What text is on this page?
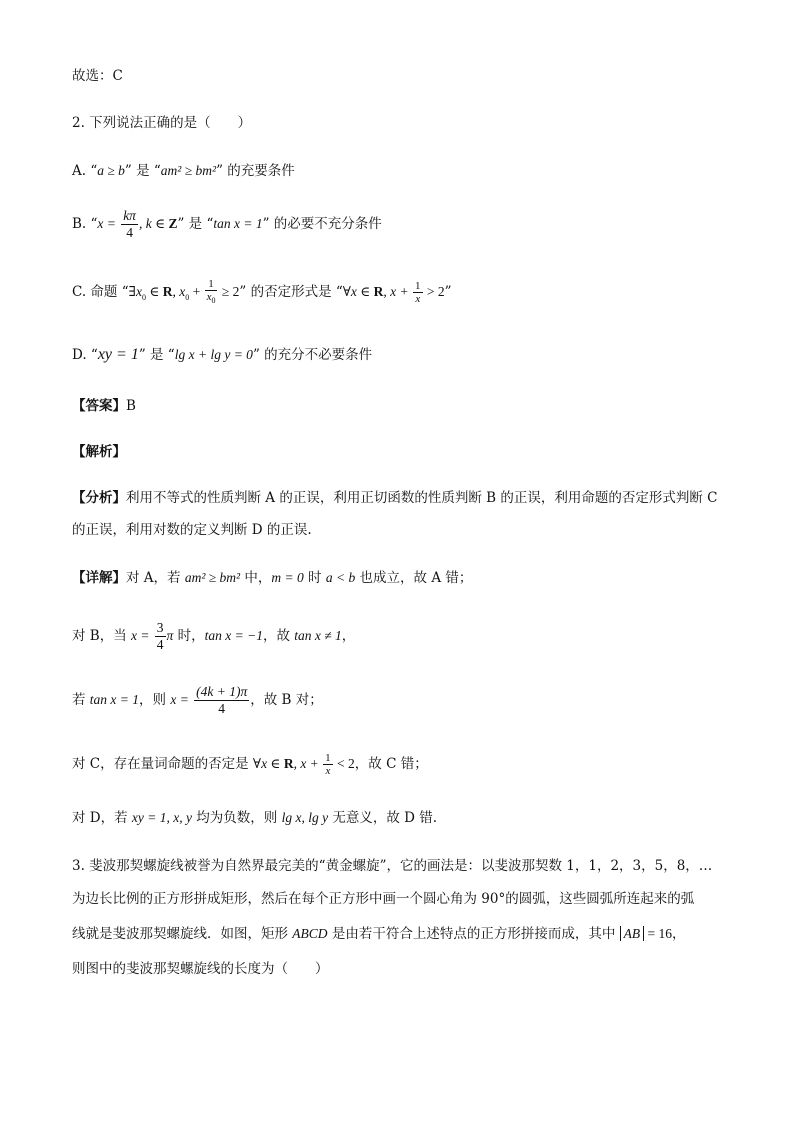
故选：C
2. 下列说法正确的是（　　）
A. “a ≥ b” 是 “am² ≥ bm²” 的充要条件
B. “$x = \frac{k\pi}{4}$ , k ∈ Z” 是 “tan x = 1” 的必要不充分条件
C. 命题 “$\exists x_0$ ∈ R, $x_0 + \frac{1}{x_0} \ge 2$” 的否定形式是 “∀x ∈ R, $x + \frac{1}{x} > 2$”
D. “xy = 1” 是 “lg x + lg y = 0” 的充分不必要条件
【答案】B
【解析】
【分析】利用不等式的性质判断 A 的正误，利用正切函数的性质判断 B 的正误，利用命题的否定形式判断 C
的正误，利用对数的定义判断 D 的正误.
【详解】对 A，若 am² ≥ bm² 中，m = 0 时 a < b 也成立，故 A 错；
对 B，当 $x = \frac{3}{4}$ π 时，tan x = −1，故 tan x ≠ 1，
若 tan x = 1，则 $x = \frac{(4k + 1)\pi}{4}$ ，故 B 对；
对 C，存在量词命题的否定是 ∀x ∈ R, $x + \frac{1}{x} < 2$，故 C 错；
对 D，若 xy = 1, x, y 均为负数，则 lg x, lg y 无意义，故 D 错.
3. 斐波那契螺旋线被誉为自然界最完美的“黄金螺旋”，它的画法是：以斐波那契数 1，1，2，3，5，8，…
为边长比例的正方形拼成矩形，然后在每个正方形中画一个圆心角为 90°的圆弧，这些圆弧所连起来的弧
线就是斐波那契螺旋线．如图，矩形 ABCD 是由若干符合上述特点的正方形拼接而成，其中 AB = 16，
则图中的斐波那契螺旋线的长度为（　　）
